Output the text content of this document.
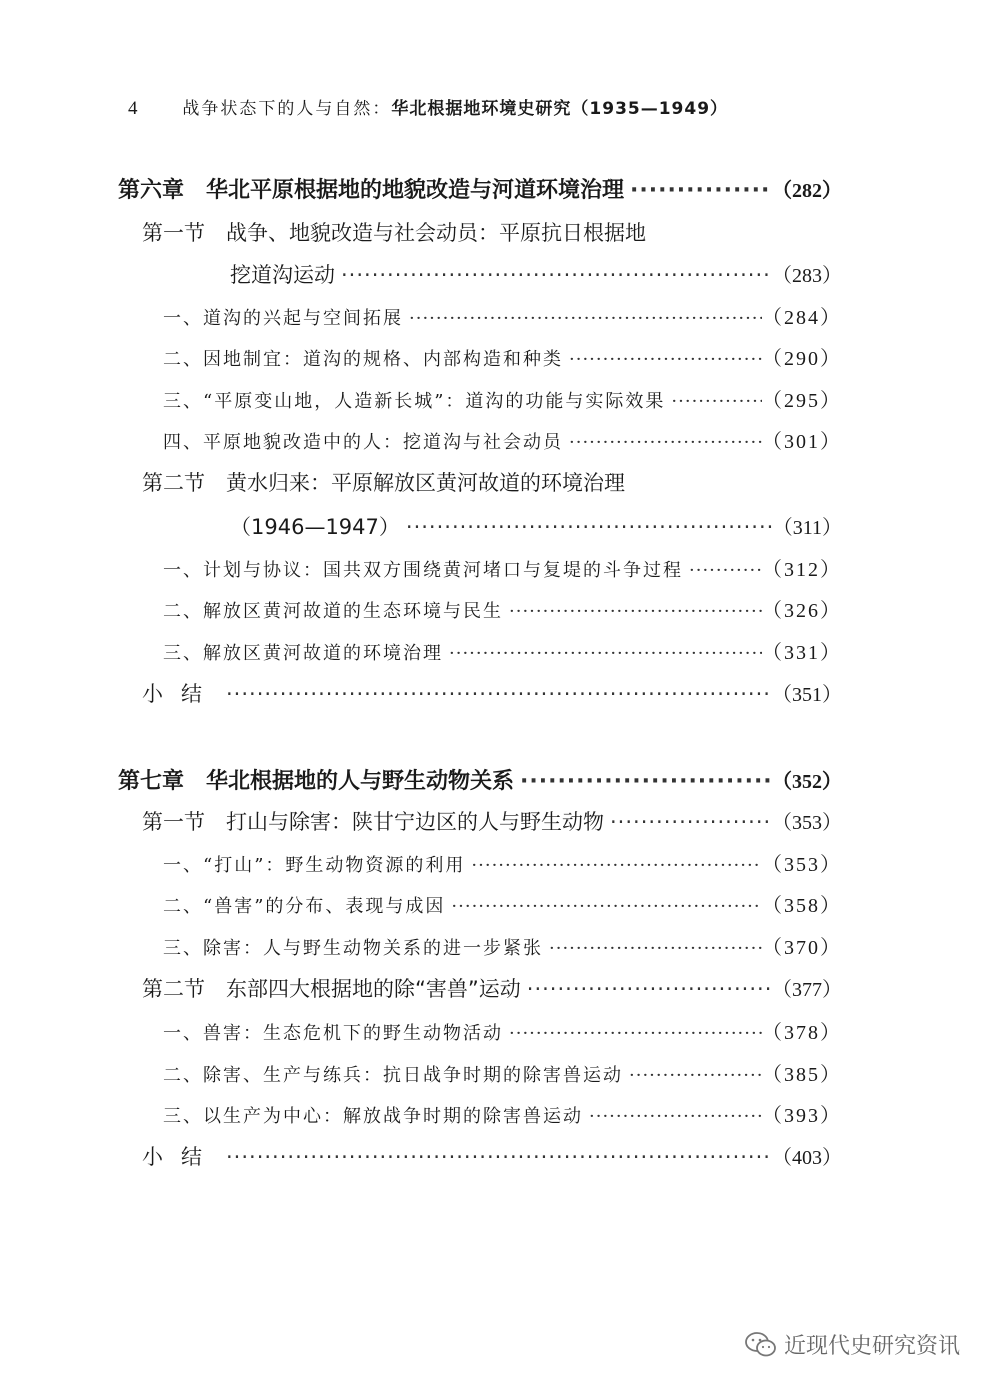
4	战争状态下的人与自然：华北根据地环境史研究（1935—1949）
第六章　华北平原根据地的地貌改造与河道环境治理 ·····	（282）
第一节　战争、地貌改造与社会动员：平原抗日根据地
挖道沟运动 ·····	（283）
一、道沟的兴起与空间拓展 ·····	（284）
二、因地制宜：道沟的规格、内部构造和种类 ·····	（290）
三、“平原变山地，人造新长城”：道沟的功能与实际效果 ·····	（295）
四、平原地貌改造中的人：挖道沟与社会动员 ·····	（301）
第二节　黄水归来：平原解放区黄河故道的环境治理
（1946—1947） ·····	（311）
一、计划与协议：国共双方围绕黄河堵口与复堤的斗争过程 ·····	（312）
二、解放区黄河故道的生态环境与民生 ·····	（326）
三、解放区黄河故道的环境治理 ·····	（331）
小结 ·····	（351）
第七章　华北根据地的人与野生动物关系 ·····	（352）
第一节　打山与除害：陕甘宁边区的人与野生动物 ·····	（353）
一、“打山”：野生动物资源的利用 ·····	（353）
二、“兽害”的分布、表现与成因 ·····	（358）
三、除害：人与野生动物关系的进一步紧张 ·····	（370）
第二节　东部四大根据地的除“害兽”运动 ·····	（377）
一、兽害：生态危机下的野生动物活动 ·····	（378）
二、除害、生产与练兵：抗日战争时期的除害兽运动 ·····	（385）
三、以生产为中心：解放战争时期的除害兽运动 ·····	（393）
小结 ·····	（403）
近现代史研究资讯
